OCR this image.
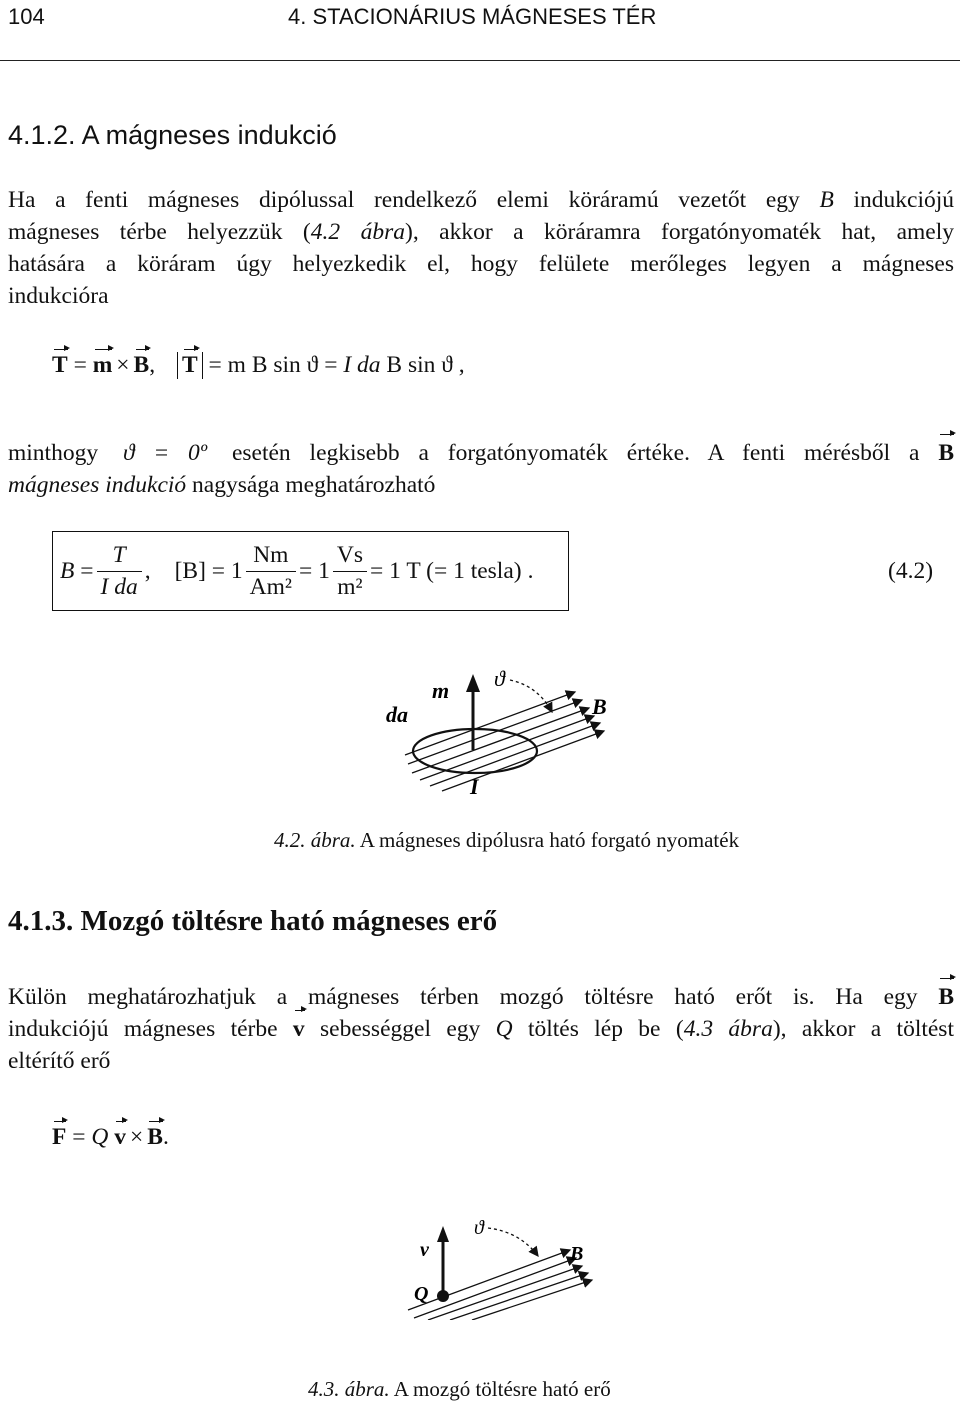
104	4. STACIONÁRIUS MÁGNESES TÉR
4.1.2. A mágneses indukció
Ha a fenti mágneses dipólussal rendelkező elemi köráramú vezetőt egy B indukciójú
mágneses térbe helyezzük (4.2 ábra), akkor a köráramra forgatónyomaték hat, amely
hatására a köráram úgy helyezkedik el, hogy felülete merőleges legyen a mágneses
indukcióra
T = m × B, T = m B sin ϑ = I da B sin ϑ ,
minthogy ϑ = 0º esetén legkisebb a forgatónyomaték értéke. A fenti mérésből a B
mágneses indukció nagysága meghatározható
B
= $\frac{T}{\text{I da}}$ , $[B] = 1 \frac{Nm}{\text{Am²}} = 1 \frac{Vs}{\text{m²}} = 1$ T (= 1 tesla) .	(4.2)
m ϑ
da	B
I
4.2. ábra. A mágneses dipólusra ható forgató nyomaték
4.1.3. Mozgó töltésre ható mágneses erő
Külön meghatározhatjuk a mágneses térben mozgó töltésre ható erőt is. Ha egy B
indukciójú mágneses térbe v sebességgel egy Q töltés lép be (4.3 ábra), akkor a töltést
eltérítő erő
F = Q v × B.
v
ϑ
B
Q
4.3. ábra. A mozgó töltésre ható erő
